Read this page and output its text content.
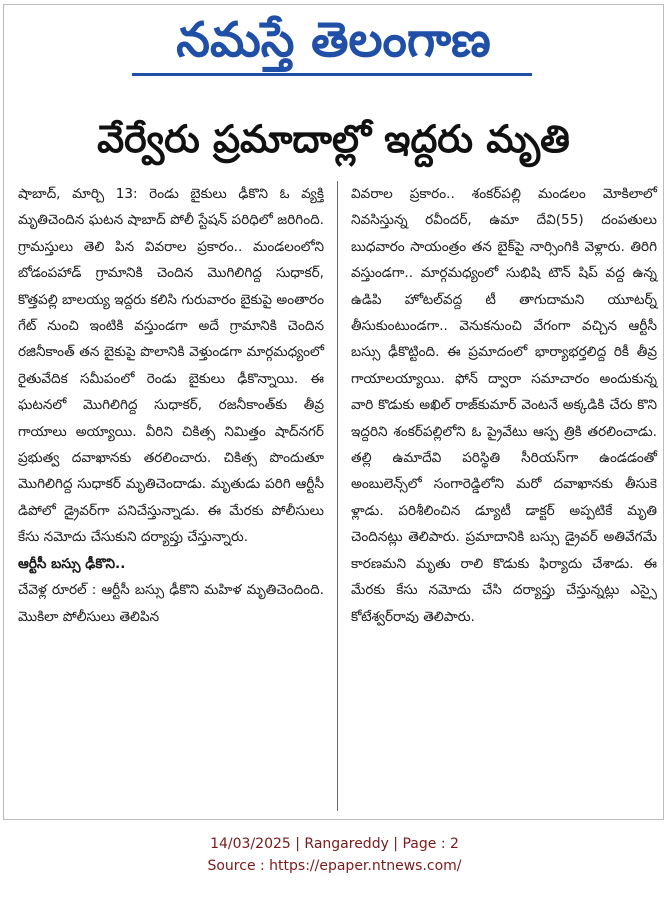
నమస్తే తెలంగాణ
వేర్వేరు ప్రమాదాల్లో ఇద్దరు మృతి
షాబాద్, మార్చి 13: రెండు బైకులు ఢీకొని ఓ వ్యక్తి మృతిచెందిన ఘటన షాబాద్ పోలీ స్టేషన్ పరిధిలో జరిగింది. గ్రామస్తులు తెలి పిన వివరాల ప్రకారం.. మండలంలోని బోడంపహాడ్ గ్రామానికి చెందిన మొగిలిగిద్ద సుధాకర్, కొత్తపల్లి బాలయ్య ఇద్దరు కలిసి గురువారం బైకుపై అంతారం గేట్ నుంచి ఇంటికి వస్తుండగా అదే గ్రామానికి చెందిన రజినీకాంత్ తన బైకుపై పొలానికి వెళ్తుండగా మార్గమధ్యంలో రైతువేదిక సమీపంలో రెండు బైకులు ఢీకొన్నాయి. ఈ ఘటనలో మొగిలిగిద్ద సుధాకర్, రజనీకాంత్‌కు తీవ్ర గాయాలు అయ్యాయి. వీరిని చికిత్స నిమిత్తం షాద్‌నగర్ ప్రభుత్వ దవాఖానకు తరలించారు. చికిత్స పొందుతూ మొగిలిగిద్ద సుధాకర్ మృతిచెందాడు. మృతుడు పరిగి ఆర్టీసీ డిపోలో డ్రైవర్‌గా పనిచేస్తున్నాడు. ఈ మేరకు పోలీసులు కేసు నమోదు చేసుకుని దర్యాప్తు చేస్తున్నారు.
ఆర్టీసీ బస్సు ఢీకొని..
చేవెళ్ల రూరల్ : ఆర్టీసీ బస్సు ఢీకొని మహిళ మృతిచెందింది. మొకిలా పోలీసులు తెలిపిన
వివరాల ప్రకారం.. శంకర్‌పల్లి మండలం మోకిలాలో నివసిస్తున్న రవీందర్, ఉమా దేవి(55) దంపతులు బుధవారం సాయంత్రం తన బైక్‌పై నార్సింగికి వెళ్లారు. తిరిగి వస్తుండగా.. మార్గమధ్యంలో సుభిషి టౌన్ షిప్ వద్ద ఉన్న ఉడిపి హోటల్‌వద్ద టీ తాగుదామని యూటర్న్ తీసుకుంటుండగా.. వెనుకనుంచి వేగంగా వచ్చిన ఆర్టీసీ బస్సు ఢీకొట్టింది. ఈ ప్రమాదంలో భార్యాభర్తలిద్ద రికీ తీవ్ర గాయాలయ్యాయి. ఫోన్ ద్వారా సమాచారం అందుకున్న వారి కొడుకు అఖిల్ రాజ్‌కుమార్ వెంటనే అక్కడికి చేరు కొని ఇద్దరిని శంకర్‌పల్లిలోని ఓ ప్రైవేటు ఆస్ప త్రికి తరలించాడు. తల్లి ఉమాదేవి పరిస్థితి సీరియస్‌గా ఉండడంతో అంబులెన్స్‌లో సంగారెడ్డిలోని మరో దవాఖానకు తీసుకె ళ్లాడు. పరిశీలించిన డ్యూటీ డాక్టర్ అప్పటికే మృతి చెందినట్లు తెలిపారు. ప్రమాదానికి బస్సు డ్రైవర్ అతివేగమే కారణమని మృతు రాలి కొడుకు ఫిర్యాదు చేశాడు. ఈ మేరకు కేసు నమోదు చేసి దర్యాప్తు చేస్తున్నట్లు ఎస్సై కోటేశ్వర్‌రావు తెలిపారు.
14/03/2025 | Rangareddy | Page : 2
Source : https://epaper.ntnews.com/
